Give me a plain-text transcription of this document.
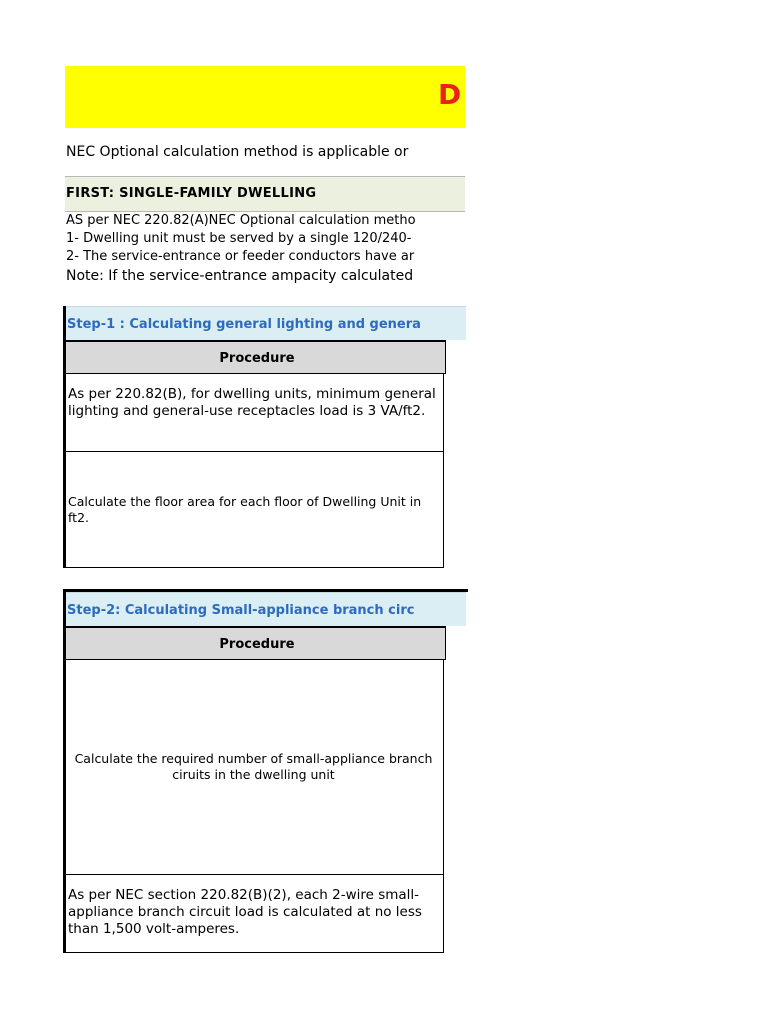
D
NEC Optional calculation method is applicable or
FIRST: SINGLE-FAMILY DWELLING
AS per NEC 220.82(A)NEC Optional calculation metho
1- Dwelling unit must be served by a single 120/240-
2- The service-entrance or feeder conductors have ar
Note: If the service-entrance ampacity calculated
Step-1 : Calculating general lighting and genera
Procedure
As per 220.82(B), for dwelling units, minimum general lighting and general-use receptacles load is 3 VA/ft2.
Calculate the floor area for each floor of Dwelling Unit in ft2.
Step-2: Calculating Small-appliance branch circ
Procedure
Calculate the required number of small-appliance branch ciruits in the dwelling unit
As per NEC section 220.82(B)(2), each 2-wire small-appliance branch circuit load is calculated at no less than 1,500 volt-amperes.
